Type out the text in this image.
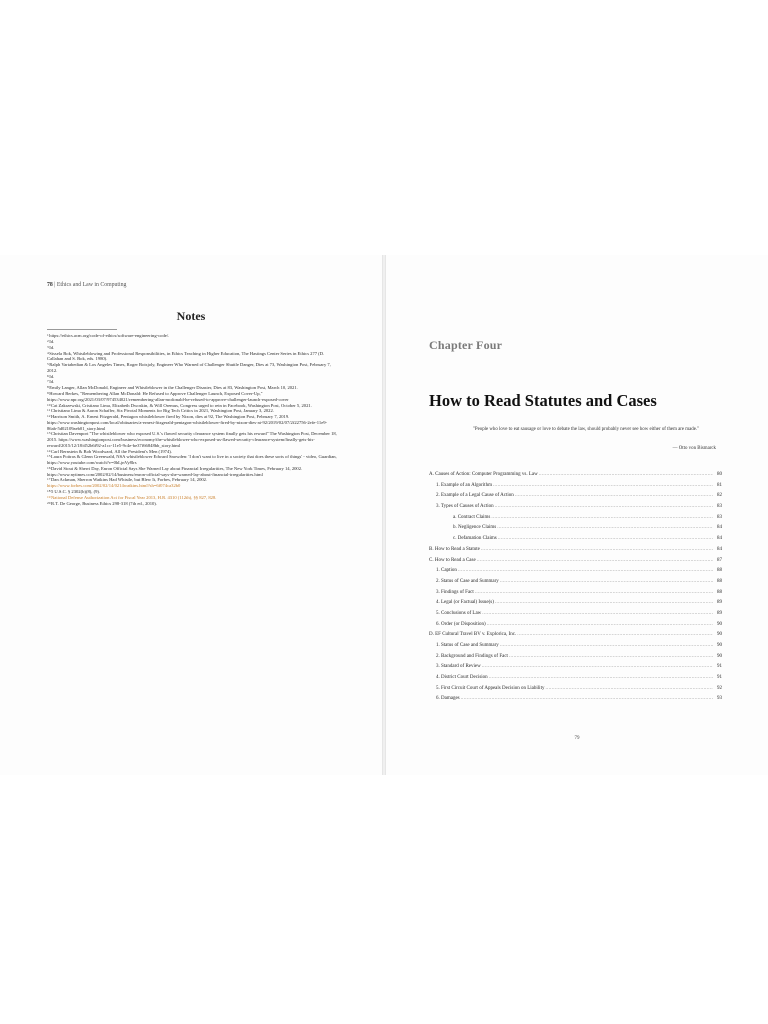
78 | Ethics and Law in Computing
Notes

$^1$https://ethics.acm.org/code-of-ethics/software-engineering-code/.

$^2$Id.

$^3$Id.

$^4$Sissela Bok, Whistleblowing and Professional Responsibilities, in Ethics Teaching in Higher Education, The Hastings Center Series in Ethics 277 (D. Callahan and S. Bok, eds. 1980).

$^5$Ralph Vartabedian & Los Angeles Times, Roger Boisjoly, Engineer Who Warned of Challenger Shuttle Danger, Dies at 73, Washington Post, February 7, 2012.

$^6$Id.

$^7$Id.

$^8$Emily Langer, Allan McDonald, Engineer and Whistleblower in the Challenger Disaster, Dies at 83, Washington Post, March 10, 2021.

$^9$Howard Berkes, "Remembering Allan McDonald: He Refused to Approve Challenger Launch, Exposed Cover-Up," https://www.npr.org/2021/03/07/974534021/remembering-allan-mcdonald-he-refused-to-approve-challenger-launch-exposed-cover

$^{10}$Cat Zakrzewski, Cristiano Lima, Elizabeth Dwoskin, & Will Oremus, Congress urged to rein in Facebook, Washington Post, October 5, 2021.

$^{11}$Christiano Lima & Aaron Schaffer, Six Pivotal Moments for Big Tech Critics in 2021, Washington Post, January 3, 2022.

$^{12}$Harrison Smith, A. Ernest Fitzgerald, Pentagon whistleblower fired by Nixon, dies at 92, The Washington Post, February 7, 2019. https://www.washingtonpost.com/local/obituaries/a-ernest-fitzgerald-pentagon-whistleblower-fired-by-nixon-dies-at-92/2019/02/07/2f22756-2efe-11e9-86ab-5d02109aeb01_story.html

$^{13}$Christian Davenport "The whistleblower who exposed U.S.'s flawed security clearance system finally gets his reward" The Washington Post, December 18, 2015. https://www.washingtonpost.com/business/economy/the-whistleblower-who-exposed-us-flawed-security-clearance-system/finally-gets-his-reward/2015/12/18/d52b6f92-a1cc-11e5-9c4e-be37f66848bb_story.html

$^{14}$Carl Bernstein & Bob Woodward, All the President's Men (1974).

$^{15}$Laura Poitras & Glenn Greenwald, NSA whistleblower Edward Snowden: 'I don't want to live in a society that does these sorts of things' - video, Guardian, https://www.youtube.com/watch?v=0hLjnVy8lrs

$^{16}$David Stout & Sherri Day, Enron Official Says She Warned Lay about Financial Irregularities, The New York Times, February 14, 2002. https://www.nytimes.com/2002/02/14/business/enron-official-says-she-warned-lay-about-financial-irregularities.html

$^{17}$Dan Ackman, Sherron Watkins Had Whistle, but Blew It, Forbes, February 14, 2002.

https://www.forbes.com/2002/02/14/0214watkins.html?sh=6f074ca32b0

$^{18}$5 U.S.C. § 2302(b)(8), (9).

$^{19}$National Defense Authorization Act for Fiscal Year 2013, H.R. 4310 (112th), §§ 827, 828.

$^{20}$R.T. De George, Business Ethics 298-318 (7th ed., 2010).

Chapter Four
How to Read Statutes and Cases
"People who love to eat sausage or love to debate the law, should probably never see how either of them are made."
— Otto von Bismarck
A. Causes of Action: Computer Programming vs. Law .....	80
1. Example of an Algorithm .....	81
2. Example of a Legal Cause of Action .....	82
3. Types of Causes of Action .....	83
a. Contract Claims .....	83
b. Negligence Claims .....	84
c. Defamation Claims .....	84
B. How to Read a Statute .....	84
C. How to Read a Case .....	87
1. Caption .....	88
2. Status of Case and Summary .....	88
3. Findings of Fact .....	88
4. Legal (or Factual) Issue(s) .....	89
5. Conclusions of Law .....	89
6. Order (or Disposition) .....	90
D. EF Cultural Travel BV v. Explorica, Inc. .....	90
1. Status of Case and Summary .....	90
2. Background and Findings of Fact .....	90
3. Standard of Review .....	91
4. District Court Decision .....	91
5. First Circuit Court of Appeals Decision on Liability .....	92
6. Damages .....	93
79
